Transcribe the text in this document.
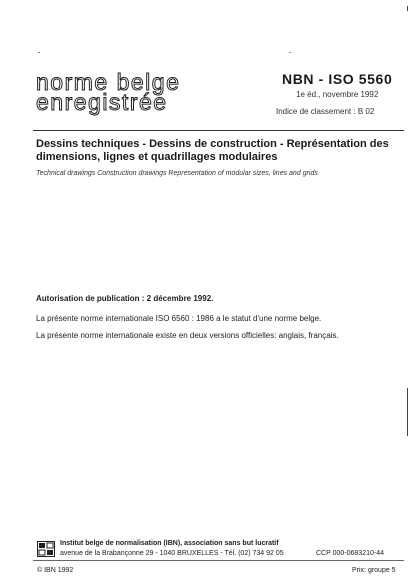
norme belge
enregistrée
NBN - ISO 5560
1e éd., novembre 1992
Indice de classement : B 02
Dessins techniques - Dessins de construction - Représentation des
dimensions, lignes et quadrillages modulaires
Technical drawings Construction drawings Representation of modular sizes, lines and grids
Autorisation de publication : 2 décembre 1992.
La présente norme internationale ISO 6560 : 1986 a le statut d'une norme belge.
La présente norme internationale existe en deux versions officielles: anglais, français.
Institut belge de normalisation (IBN), association sans but lucratif
avenue de la Brabançonne 29 - 1040 BRUXELLES - Tél. (02) 734 92 05	CCP 000-0683210-44
© IBN 1992	Prix: groupe 5
